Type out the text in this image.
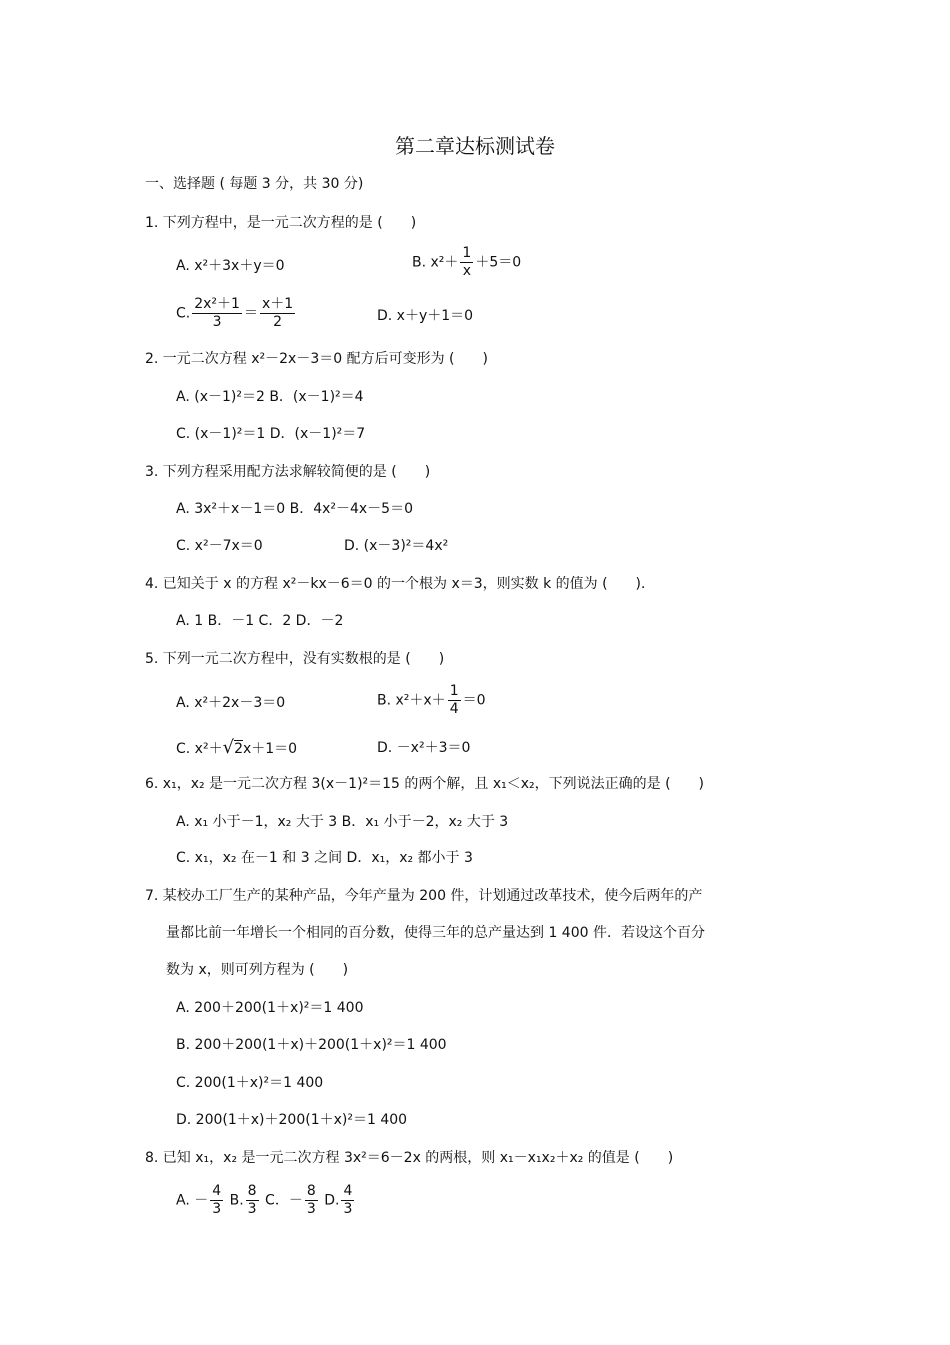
第二章达标测试卷
一、选择题 ( 每题 3 分，共 30 分)
1. 下列方程中，是一元二次方程的是 (　　)
A. x²＋3x＋y＝0	B. $x^2+ \frac{1}{x} +5=0$
C. $\frac{\text{2x²＋1}}{3} = \frac{x+1}{2}$	D. x＋y＋1＝0
2. 一元二次方程 x²－2x－3＝0 配方后可变形为 (　　)
A. (x－1)²＝2 B．(x－1)²＝4
C. (x－1)²＝1 D．(x－1)²＝7
3. 下列方程采用配方法求解较简便的是 (　　)
A. 3x²＋x－1＝0 B．4x²－4x－5＝0
C. x²－7x＝0	D. (x－3)²＝4x²
4. 已知关于 x 的方程 x²－kx－6＝0 的一个根为 x＝3，则实数 k 的值为 (　　)．
A. 1 B．－1 C．2 D．－2
5. 下列一元二次方程中，没有实数根的是 (　　)
A. x²＋2x－3＝0	B. $x^2+x+ \frac{1}{4} =0$
C. x²＋√2x＋1＝0	D. －x²＋3＝0
6. x₁，x₂ 是一元二次方程 3(x－1)²＝15 的两个解，且 x₁＜x₂，下列说法正确的是 (　　)
A. x₁ 小于－1，x₂ 大于 3 B．x₁ 小于－2，x₂ 大于 3
C. x₁，x₂ 在－1 和 3 之间 D．x₁，x₂ 都小于 3
7. 某校办工厂生产的某种产品，今年产量为 200 件，计划通过改革技术，使今后两年的产
量都比前一年增长一个相同的百分数，使得三年的总产量达到 1 400 件．若设这个百分
数为 x，则可列方程为 (　　)
A. 200＋200(1＋x)²＝1 400
B. 200＋200(1＋x)＋200(1＋x)²＝1 400
C. 200(1＋x)²＝1 400
D. 200(1＋x)＋200(1＋x)²＝1 400
8. 已知 x₁，x₂ 是一元二次方程 3x²＝6－2x 的两根，则 x₁－x₁x₂＋x₂ 的值是 (　　)
A. － $\frac{4}{3} B$. $\frac{8}{3}$ C．－ $\frac{8}{3} D$. $\frac{4}{3}$
